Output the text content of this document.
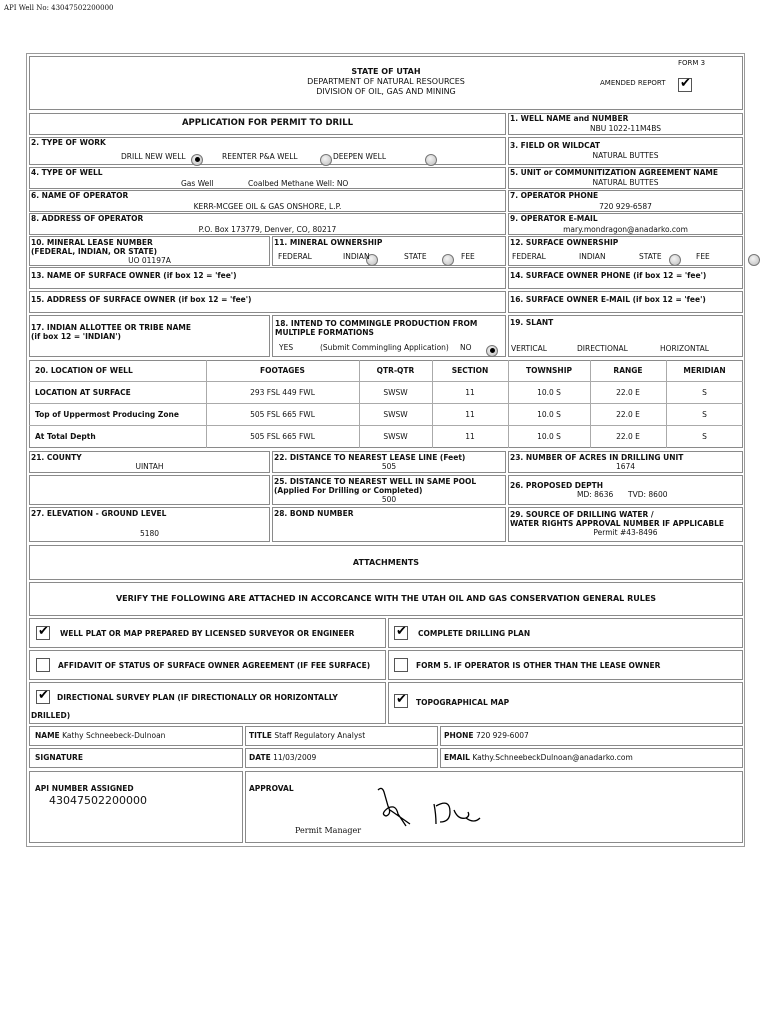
API Well No: 43047502200000
STATE OF UTAH
DEPARTMENT OF NATURAL RESOURCES
DIVISION OF OIL, GAS AND MINING
FORM 3
AMENDED REPORT
✔
APPLICATION FOR PERMIT TO DRILL	1. WELL NAME and NUMBER
NBU 1022-11M4BS
2. TYPE OF WORK
DRILL NEW WELL
	REENTER P&A WELL
	DEEPEN WELL

3. FIELD OR WILDCAT
NATURAL BUTTES
4. TYPE OF WELL
Gas Well	Coalbed Methane Well: NO
5. UNIT or COMMUNITIZATION AGREEMENT NAME
NATURAL BUTTES
6. NAME OF OPERATOR
KERR-MCGEE OIL & GAS ONSHORE, L.P.
7. OPERATOR PHONE
720 929-6587
8. ADDRESS OF OPERATOR
P.O. Box 173779, Denver, CO, 80217
9. OPERATOR E-MAIL
mary.mondragon@anadarko.com
10. MINERAL LEASE NUMBER
(FEDERAL, INDIAN, OR STATE)
UO 01197A
11. MINERAL OWNERSHIP
FEDERAL
	INDIAN
	STATE
	FEE

12. SURFACE OWNERSHIP
FEDERAL
	INDIAN
	STATE
	FEE

13. NAME OF SURFACE OWNER (if box 12 = 'fee')	14. SURFACE OWNER PHONE (if box 12 = 'fee')
15. ADDRESS OF SURFACE OWNER (if box 12 = 'fee')	16. SURFACE OWNER E-MAIL (if box 12 = 'fee')
17. INDIAN ALLOTTEE OR TRIBE NAME
(if box 12 = 'INDIAN')
18. INTEND TO COMMINGLE PRODUCTION FROM
MULTIPLE FORMATIONS
YES
	(Submit Commingling Application) NO

19. SLANT
VERTICAL
	DIRECTIONAL
	HORIZONTAL
20. LOCATION OF WELL	FOOTAGES	QTR-QTR	SECTION	TOWNSHIP	RANGE	MERIDIAN
LOCATION AT SURFACE	293 FSL 449 FWL	SWSW	11	10.0 S	22.0 E	S
Top of Uppermost Producing Zone	505 FSL 665 FWL	SWSW	11	10.0 S	22.0 E	S
At Total Depth	505 FSL 665 FWL	SWSW	11	10.0 S	22.0 E	S
21. COUNTY
UINTAH
22. DISTANCE TO NEAREST LEASE LINE (Feet)
505
23. NUMBER OF ACRES IN DRILLING UNIT
1674
25. DISTANCE TO NEAREST WELL IN SAME POOL
(Applied For Drilling or Completed)
500
26. PROPOSED DEPTH
MD: 8636 TVD: 8600
27. ELEVATION - GROUND LEVEL
5180
28. BOND NUMBER	29. SOURCE OF DRILLING WATER /
WATER RIGHTS APPROVAL NUMBER IF APPLICABLE
Permit #43-8496
ATTACHMENTS
VERIFY THE FOLLOWING ARE ATTACHED IN ACCORCANCE WITH THE UTAH OIL AND GAS CONSERVATION GENERAL RULES
✔
WELL PLAT OR MAP PREPARED BY LICENSED SURVEYOR OR ENGINEER
✔	COMPLETE DRILLING PLAN
AFFIDAVIT OF STATUS OF SURFACE OWNER AGREEMENT (IF FEE SURFACE)	FORM 5. IF OPERATOR IS OTHER THAN THE LEASE OWNER
✔
DIRECTIONAL SURVEY PLAN (IF DIRECTIONALLY OR HORIZONTALLY
DRILLED)
✔
TOPOGRAPHICAL MAP
NAME Kathy Schneebeck-Dulnoan	TITLE Staff Regulatory Analyst	PHONE 720 929-6007
SIGNATURE	DATE 11/03/2009	EMAIL Kathy.SchneebeckDulnoan@anadarko.com
API NUMBER ASSIGNED
43047502200000
APPROVAL
Permit Manager
